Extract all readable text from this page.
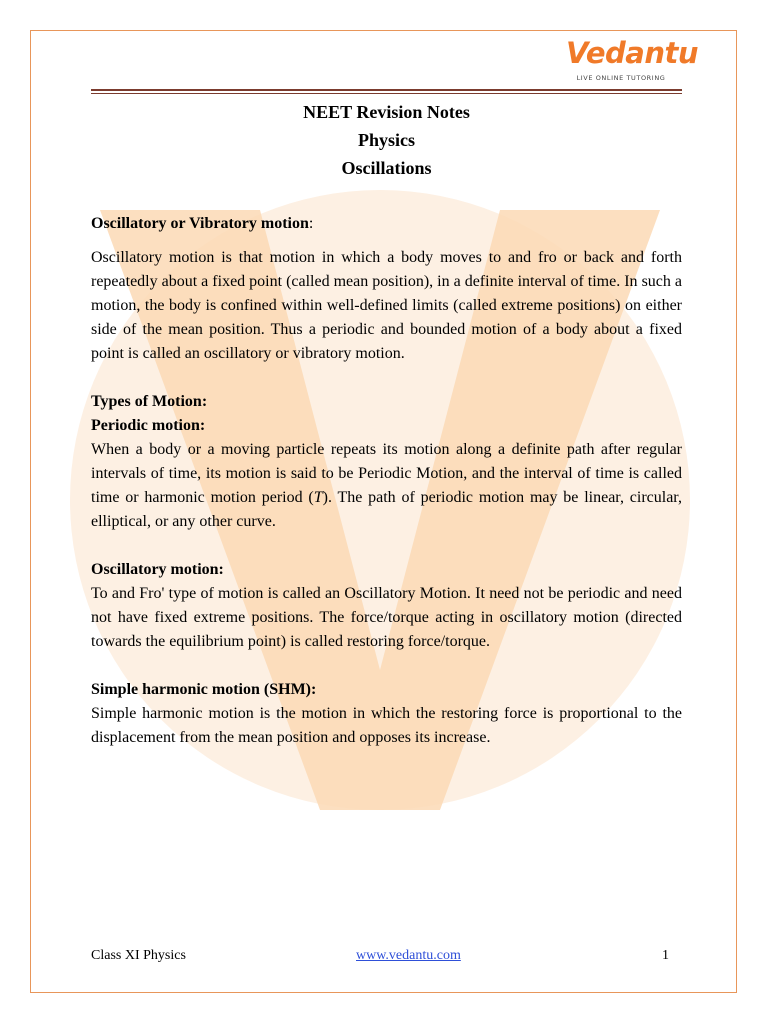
Vedantu
LIVE ONLINE TUTORING

NEET Revision Notes

Physics

Oscillations

Oscillatory or Vibratory motion:

Oscillatory motion is that motion in which a body moves to and fro or back and forth repeatedly about a fixed point (called mean position), in a definite interval of time. In such a motion, the body is confined within well-defined limits (called extreme positions) on either side of the mean position. Thus a periodic and bounded motion of a body about a fixed point is called an oscillatory or vibratory motion.

Types of Motion:

Periodic motion:

When a body or a moving particle repeats its motion along a definite path after regular intervals of time, its motion is said to be Periodic Motion, and the interval of time is called time or harmonic motion period (T). The path of periodic motion may be linear, circular, elliptical, or any other curve.

Oscillatory motion:

To and Fro' type of motion is called an Oscillatory Motion. It need not be periodic and need not have fixed extreme positions. The force/torque acting in oscillatory motion (directed towards the equilibrium point) is called restoring force/torque.

Simple harmonic motion (SHM):

Simple harmonic motion is the motion in which the restoring force is proportional to the displacement from the mean position and opposes its increase.

Class XI Physics	www.vedantu.com	1
